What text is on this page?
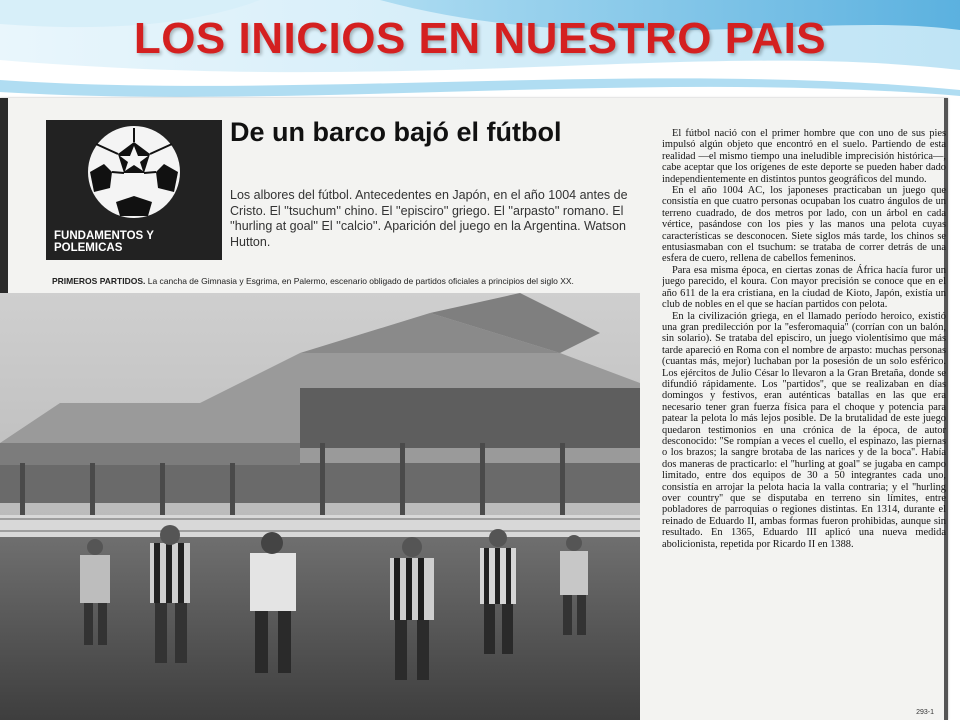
LOS INICIOS EN NUESTRO PAIS
FUNDAMENTOS Y POLEMICAS
De un barco bajó el fútbol
Los albores del fútbol. Antecedentes en Japón, en el año 1004 antes de Cristo. El ''tsuchum'' chino. El ''episciro'' griego. El ''arpasto'' romano. El ''hurling at goal'' El ''calcio''. Aparición del juego en la Argentina. Watson Hutton.
PRIMEROS PARTIDOS. La cancha de Gimnasia y Esgrima, en Palermo, escenario obligado de partidos oficiales a principios del siglo XX.

El fútbol nació con el primer hombre que con uno de sus pies impulsó algún objeto que encontró en el suelo. Partiendo de esta realidad —el mismo tiempo una ineludible imprecisión histórica—, cabe aceptar que los orígenes de este deporte se pueden haber dado independientemente en distintos puntos geográficos del mundo.

En el año 1004 AC, los japoneses practicaban un juego que consistía en que cuatro personas ocupaban los cuatro ángulos de un terreno cuadrado, de dos metros por lado, con un árbol en cada vértice, pasándose con los pies y las manos una pelota cuyas características se desconocen. Siete siglos más tarde, los chinos se entusiasmaban con el tsuchum: se trataba de correr detrás de una esfera de cuero, rellena de cabellos femeninos.

Para esa misma época, en ciertas zonas de África hacía furor un juego parecido, el koura. Con mayor precisión se conoce que en el año 611 de la era cristiana, en la ciudad de Kioto, Japón, existía un club de nobles en el que se hacían partidos con pelota.

En la civilización griega, en el llamado período heroico, existió una gran predilección por la ''esferomaquia'' (corrían con un balón, sin solario). Se trataba del episciro, un juego violentísimo que más tarde apareció en Roma con el nombre de arpasto: muchas personas (cuantas más, mejor) luchaban por la posesión de un solo esférico. Los ejércitos de Julio César lo llevaron a la Gran Bretaña, donde se difundió rápidamente. Los ''partidos'', que se realizaban en días domingos y festivos, eran auténticas batallas en las que era necesario tener gran fuerza física para el choque y potencia para patear la pelota lo más lejos posible. De la brutalidad de este juego quedaron testimonios en una crónica de la época, de autor desconocido: ''Se rompían a veces el cuello, el espinazo, las piernas o los brazos; la sangre brotaba de las narices y de la boca''. Había dos maneras de practicarlo: el ''hurling at goal'' se jugaba en campo limitado, entre dos equipos de 30 a 50 integrantes cada uno, consistía en arrojar la pelota hacia la valla contraria; y el ''hurling over country'' que se disputaba en terreno sin límites, entre pobladores de parroquias o regiones distintas. En 1314, durante el reinado de Eduardo II, ambas formas fueron prohibidas, aunque sin resultado. En 1365, Eduardo III aplicó una nueva medida abolicionista, repetida por Ricardo II en 1388.

293-1
